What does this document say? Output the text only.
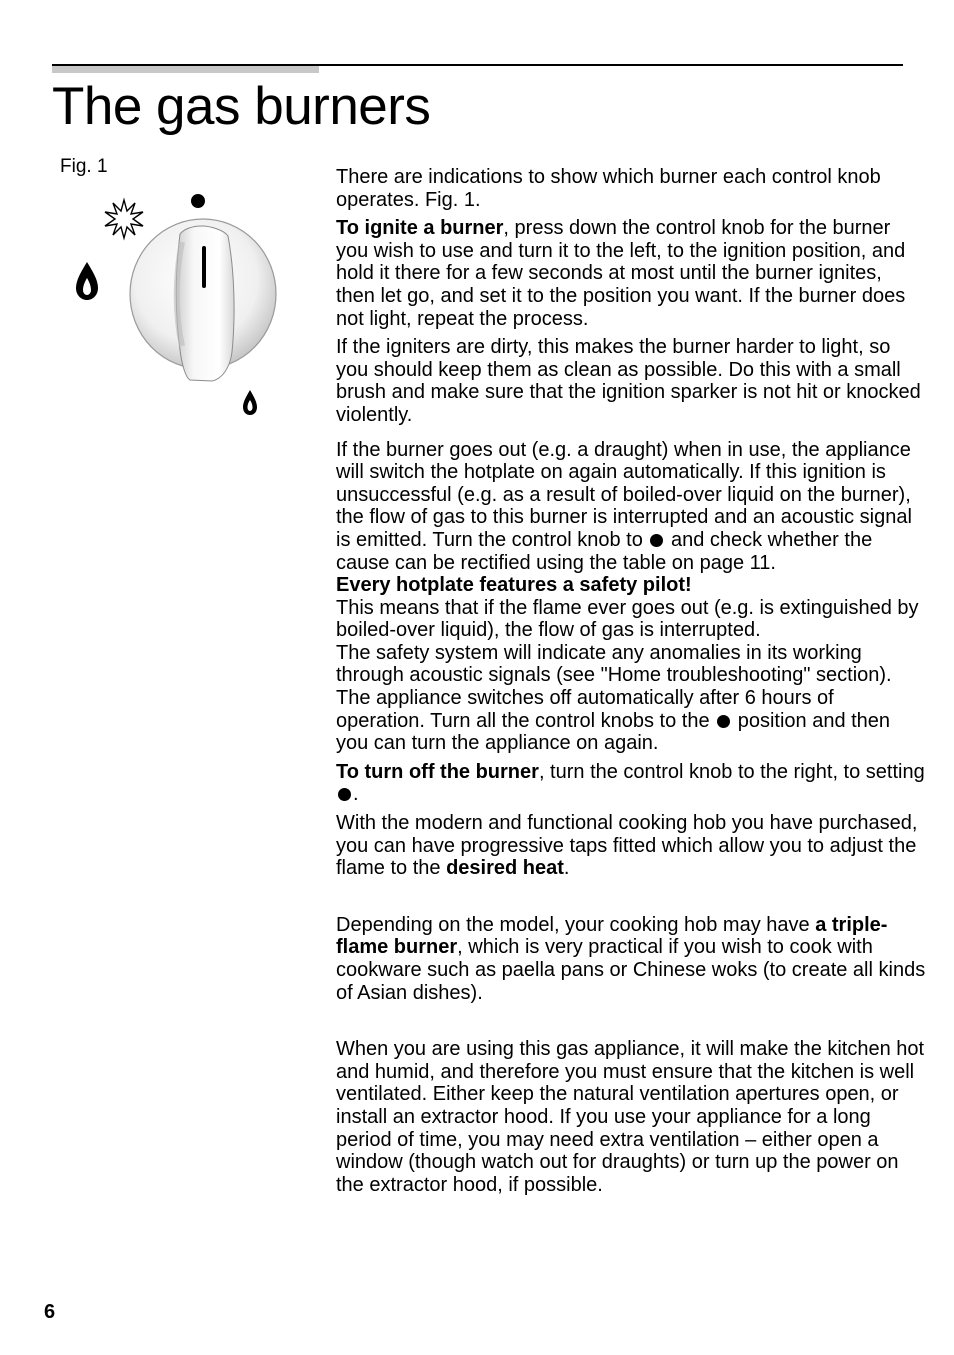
The gas burners
Fig. 1	There are indications to show which burner each control knob operates. Fig. 1.

To ignite a burner, press down the control knob for the burner you wish to use and turn it to the left, to the ignition position, and hold it there for a few seconds at most until the burner ignites, then let go, and set it to the position you want. If the burner does not light, repeat the process.

If the igniters are dirty, this makes the burner harder to light, so you should keep them as clean as possible. Do this with a small brush and make sure that the ignition sparker is not hit or knocked violently.

If the burner goes out (e.g. a draught) when in use, the appliance will switch the hotplate on again automatically. If this ignition is unsuccessful (e.g. as a result of boiled-over liquid on the burner), the flow of gas to this burner is interrupted and an acoustic signal is emitted. Turn the control knob to and check whether the cause can be rectified using the table on page 11.

Every hotplate features a safety pilot!

This means that if the flame ever goes out (e.g. is extinguished by boiled-over liquid), the flow of gas is interrupted.

The safety system will indicate any anomalies in its working through acoustic signals (see "Home troubleshooting" section).

The appliance switches off automatically after 6 hours of operation. Turn all the control knobs to the position and then you can turn the appliance on again.

To turn off the burner, turn the control knob to the right, to setting .

With the modern and functional cooking hob you have purchased, you can have progressive taps fitted which allow you to adjust the flame to the desired heat.

Depending on the model, your cooking hob may have a triple-flame burner, which is very practical if you wish to cook with cookware such as paella pans or Chinese woks (to create all kinds of Asian dishes).

When you are using this gas appliance, it will make the kitchen hot and humid, and therefore you must ensure that the kitchen is well ventilated. Either keep the natural ventilation apertures open, or install an extractor hood. If you use your appliance for a long period of time, you may need extra ventilation – either open a window (though watch out for draughts) or turn up the power on the extractor hood, if possible.

6
